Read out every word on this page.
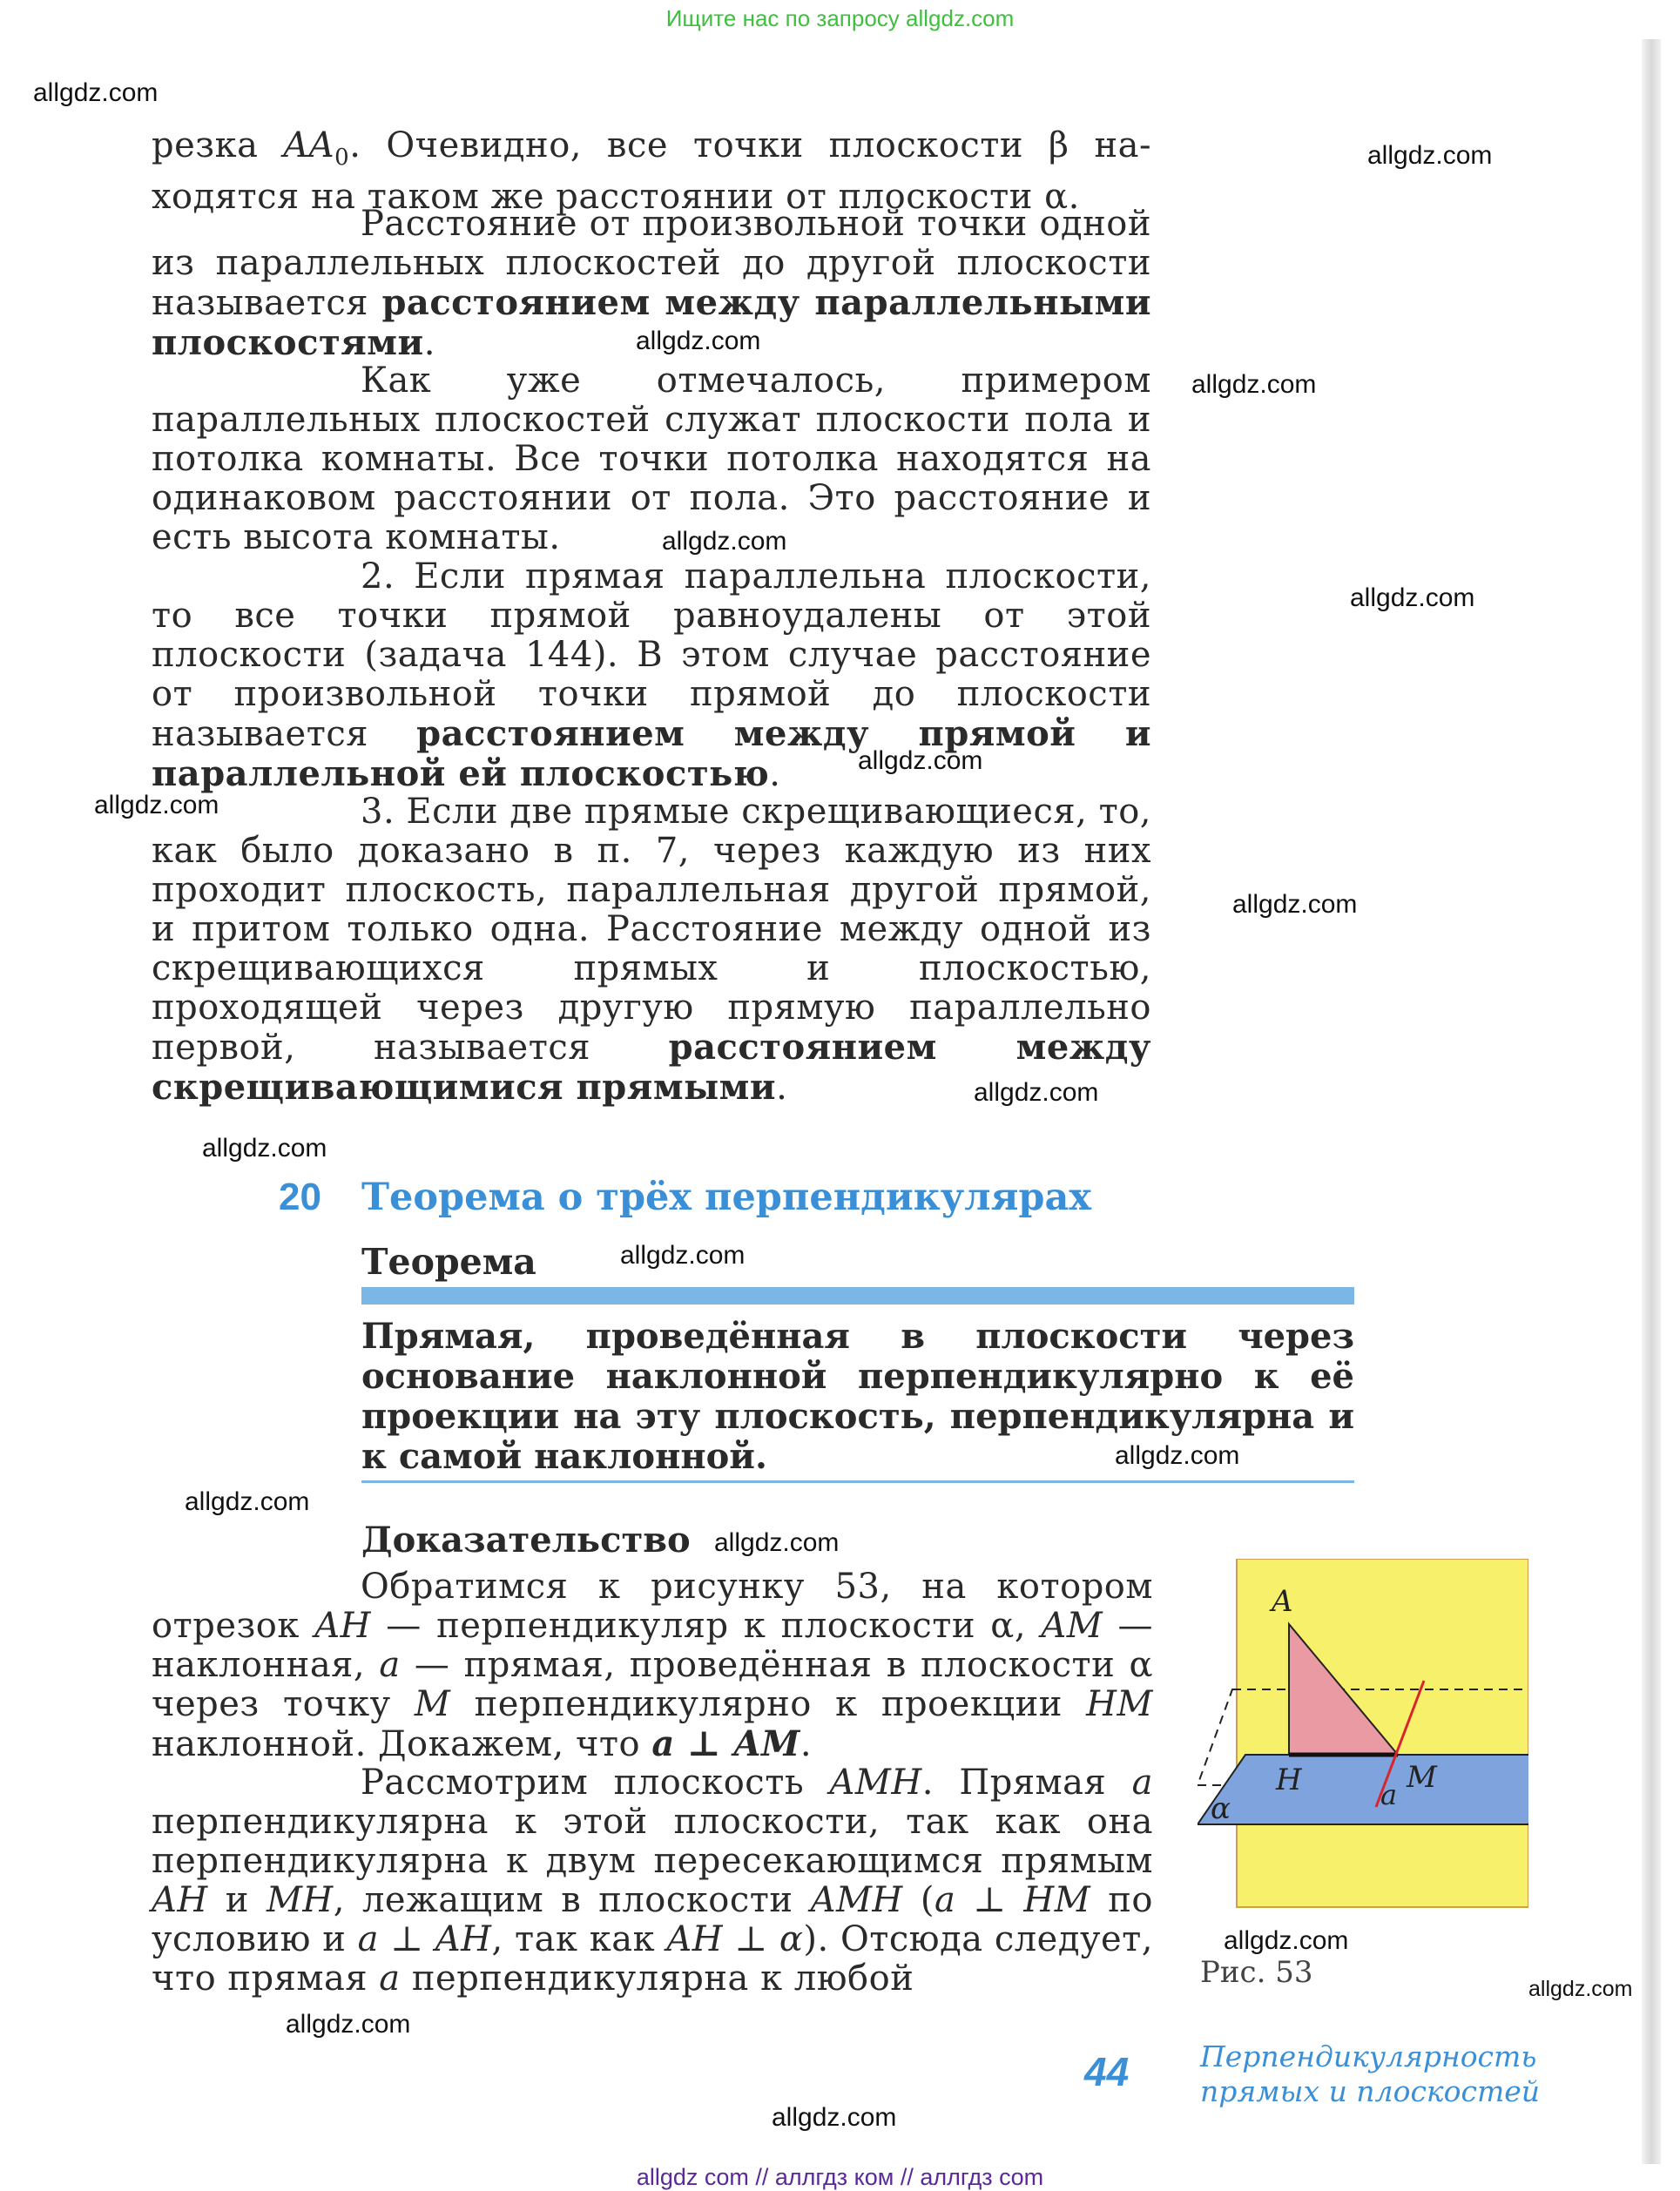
Ищите нас по запросу allgdz.com
allgdz.com
allgdz.com
allgdz.com
allgdz.com
allgdz.com
allgdz.com
allgdz.com
allgdz.com
allgdz.com
allgdz.com
allgdz.com
allgdz.com
allgdz.com
allgdz.com
allgdz.com
allgdz.com
allgdz.com
allgdz.com
allgdz.com
резка $AA_0$. Очевидно, все точки плоскости β на-
ходятся на таком же расстоянии от плоскости α.
Расстояние от произвольной точки одной из параллельных плоскостей до другой плоскости называется расстоянием между параллельными плоскостями.
Как уже отмечалось, примером параллельных плоскостей служат плоскости пола и потолка комнаты. Все точки потолка находятся на одинаковом расстоянии от пола. Это расстояние и есть высота комнаты.
2. Если прямая параллельна плоскости, то все точки прямой равноудалены от этой плоскости (задача 144). В этом случае расстояние от произвольной точки прямой до плоскости называется расстоянием между прямой и параллельной ей плоскостью.
3. Если две прямые скрещивающиеся, то, как было доказано в п. 7, через каждую из них проходит плоскость, параллельная другой прямой, и притом только одна. Расстояние между одной из скрещивающихся прямых и плоскостью, проходящей через другую прямую параллельно первой, называется расстоянием между скрещивающимися прямыми.
20 Теорема о трёх перпендикулярах
Теорема
Прямая, проведённая в плоскости через основание наклонной перпендикулярно к её проекции на эту плоскость, перпендикулярна и к самой наклонной.
Доказательство
Обратимся к рисунку 53, на котором отрезок AH — перпендикуляр к плоскости α, AM — наклонная, a — прямая, проведённая в плоскости α через точку M перпендикулярно к проекции HM наклонной. Докажем, что a ⊥ AM.
Рассмотрим плоскость AMH. Прямая a перпендикулярна к этой плоскости, так как она перпендикулярна к двум пересекающимся прямым AH и MH, лежащим в плоскости AMH (a ⊥ HM по условию и a ⊥ AH, так как AH ⊥ α). Отсюда следует, что прямая a перпендикулярна к любой
A
H	M
a
α
Рис. 53
44 Перпендикулярность
прямых и плоскостей
allgdz com // аллгдз ком // аллгдз com
